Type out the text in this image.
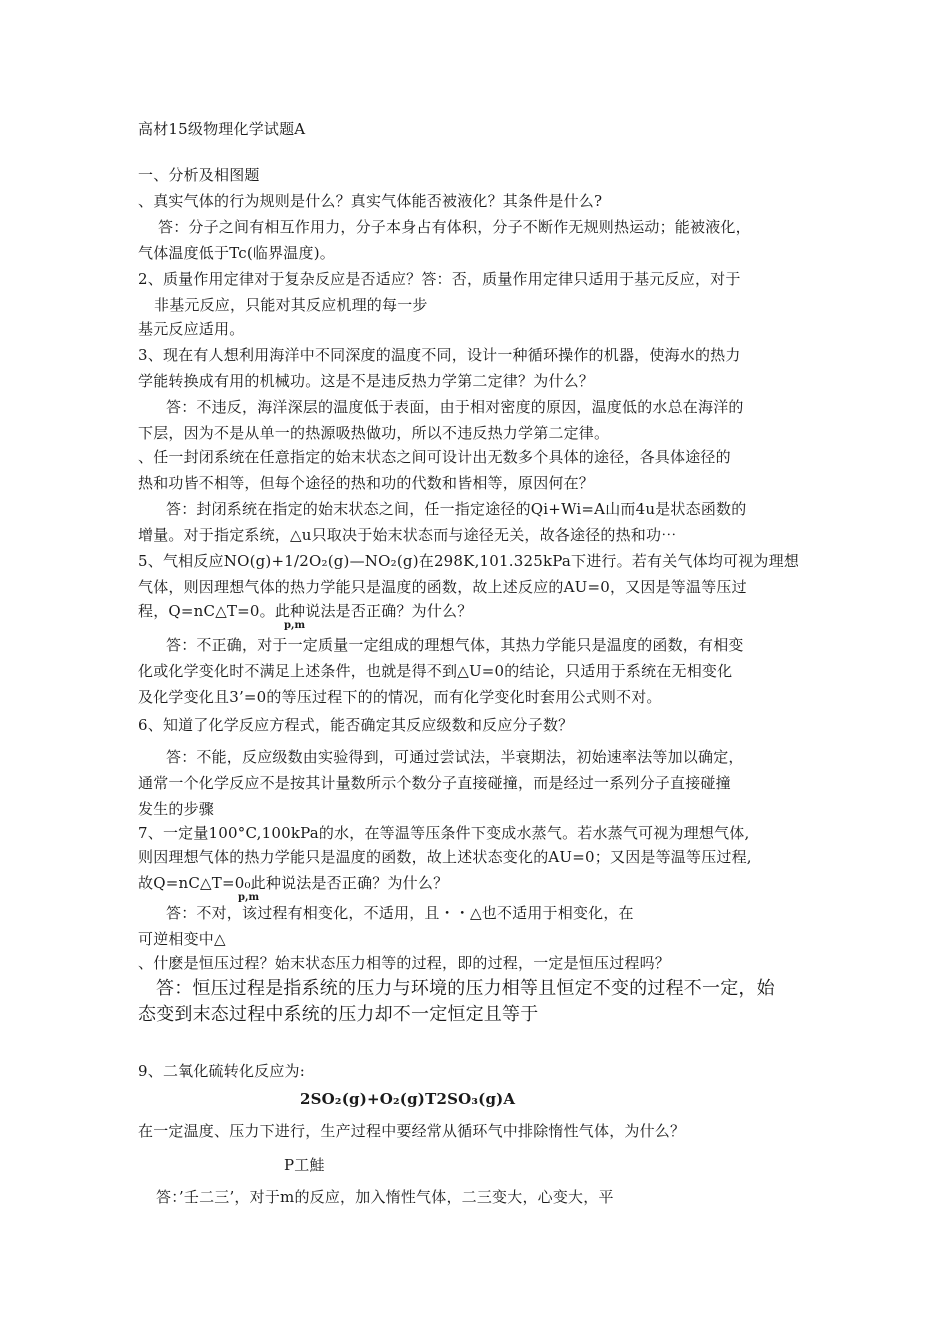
高材15级物理化学试题A
一、分析及相图题
、真实气体的行为规则是什么？真实气体能否被液化？其条件是什么?
答：分子之间有相互作用力，分子本身占有体积，分子不断作无规则热运动；能被液化，
气体温度低于Tc(临界温度)。
2、质量作用定律对于复杂反应是否适应？答：否，质量作用定律只适用于基元反应，对于
非基元反应，只能对其反应机理的每一步
基元反应适用。
3、现在有人想利用海洋中不同深度的温度不同，设计一种循环操作的机器，使海水的热力
学能转换成有用的机械功。这是不是违反热力学第二定律？为什么？
答：不违反，海洋深层的温度低于表面，由于相对密度的原因，温度低的水总在海洋的
下层，因为不是从单一的热源吸热做功，所以不违反热力学第二定律。
、任一封闭系统在任意指定的始末状态之间可设计出无数多个具体的途径，各具体途径的
热和功皆不相等，但每个途径的热和功的代数和皆相等，原因何在？
答：封闭系统在指定的始末状态之间，任一指定途径的Qi+Wi=A山而4u是状态函数的
增量。对于指定系统，△u只取决于始末状态而与途径无关，故各途径的热和功⋯
5、气相反应NO(g)+1/2O₂(g)—NO₂(g)在298K,101.325kPa下进行。若有关气体均可视为理想
气体，则因理想气体的热力学能只是温度的函数，故上述反应的AU=0，又因是等温等压过
程，Q=nC△T=0。此种说法是否正确？为什么？
p,m
答：不正确，对于一定质量一定组成的理想气体，其热力学能只是温度的函数，有相变
化或化学变化时不满足上述条件，也就是得不到△U=0的结论，只适用于系统在无相变化
及化学变化且3’=0的等压过程下的的情况，而有化学变化时套用公式则不对。
6、知道了化学反应方程式，能否确定其反应级数和反应分子数？
答：不能，反应级数由实验得到，可通过尝试法，半衰期法，初始速率法等加以确定，
通常一个化学反应不是按其计量数所示个数分子直接碰撞，而是经过一系列分子直接碰撞
发生的步骤
7、一定量100°C,100kPa的水，在等温等压条件下变成水蒸气。若水蒸气可视为理想气体,
则因理想气体的热力学能只是温度的函数，故上述状态变化的AU=0；又因是等温等压过程,
故Q=nC△T=0₀此种说法是否正确？为什么？
p,m
答：不对，该过程有相变化，不适用，且・・△也不适用于相变化，在
可逆相变中△
、什麽是恒压过程？始末状态压力相等的过程，即的过程，一定是恒压过程吗？
答：恒压过程是指系统的压力与环境的压力相等且恒定不变的过程不一定，始
态变到末态过程中系统的压力却不一定恒定且等于
9、二氧化硫转化反应为:
2SO₂(g)+O₂(g)T2SO₃(g)A
在一定温度、压力下进行，生产过程中要经常从循环气中排除惰性气体，为什么？
P工鮭
答：’壬二三’，对于m的反应，加入惰性气体，二三变大，心变大，平
